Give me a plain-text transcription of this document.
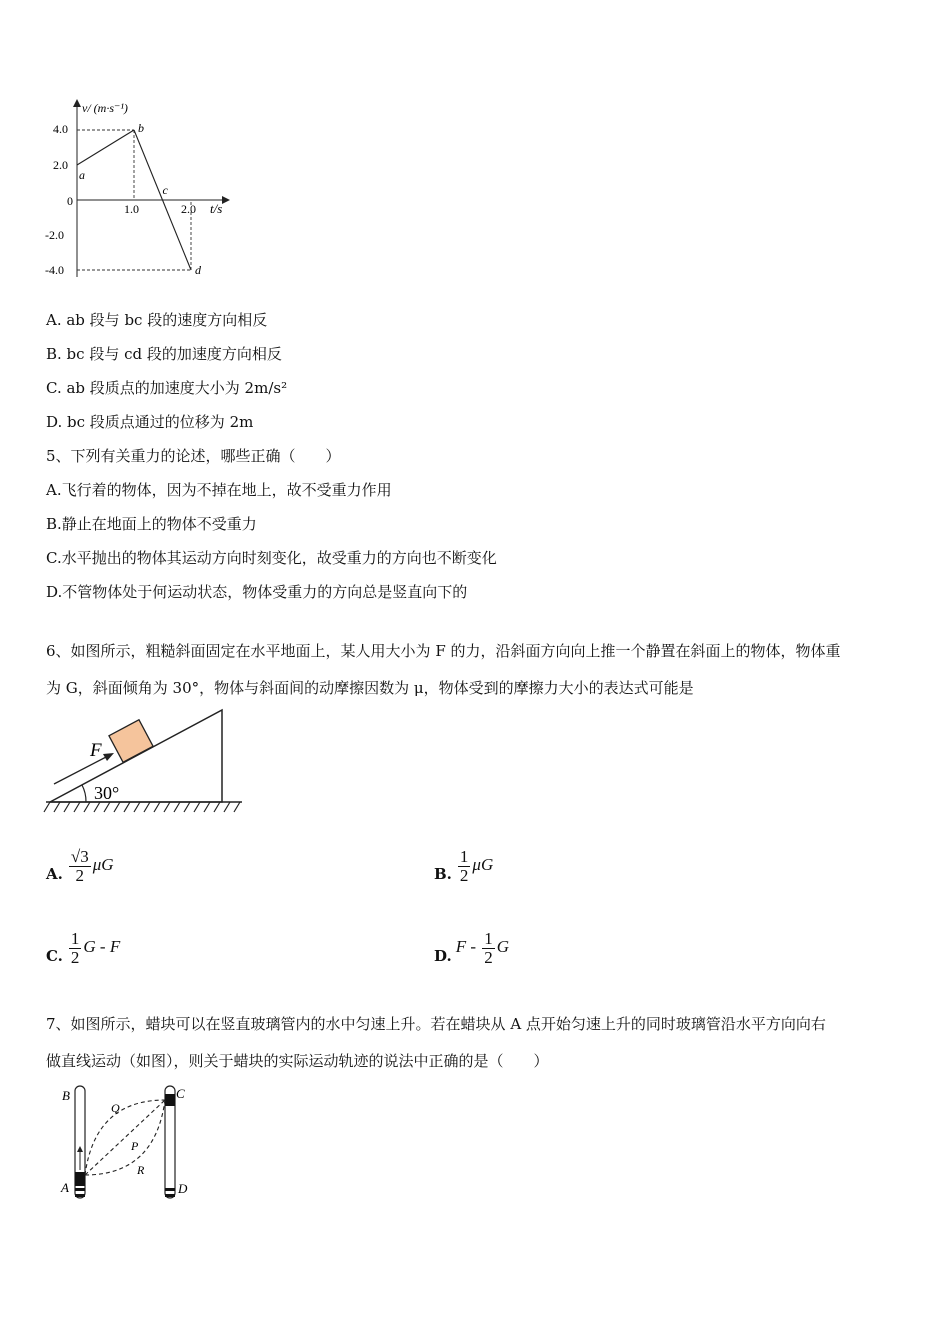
v/ (m·s⁻¹)
t/s
4.0
2.0
0
-2.0
-4.0
1.0	2.0
a
b
c
d
A. ab 段与 bc 段的速度方向相反
B. bc 段与 cd 段的加速度方向相反
C. ab 段质点的加速度大小为 2m/s²
D. bc 段质点通过的位移为 2m
5、下列有关重力的论述，哪些正确（　　）
A.飞行着的物体，因为不掉在地上，故不受重力作用
B.静止在地面上的物体不受重力
C.水平抛出的物体其运动方向时刻变化，故受重力的方向也不断变化
D.不管物体处于何运动状态，物体受重力的方向总是竖直向下的
6、如图所示，粗糙斜面固定在水平地面上，某人用大小为 F 的力，沿斜面方向向上推一个静置在斜面上的物体，物体重
为 G，斜面倾角为 30°，物体与斜面间的动摩擦因数为 μ，物体受到的摩擦力大小的表达式可能是
F
30°
A. $\frac{√3}{2}$ μG	B. $\frac{1}{2}$ μG
C. $\frac{1}{2}$ G - F	D. F - $\frac{1}{2}$ G
7、如图所示，蜡块可以在竖直玻璃管内的水中匀速上升。若在蜡块从 A 点开始匀速上升的同时玻璃管沿水平方向向右
做直线运动（如图），则关于蜡块的实际运动轨迹的说法中正确的是（　　）
B
Q
C
P
R
A	D
